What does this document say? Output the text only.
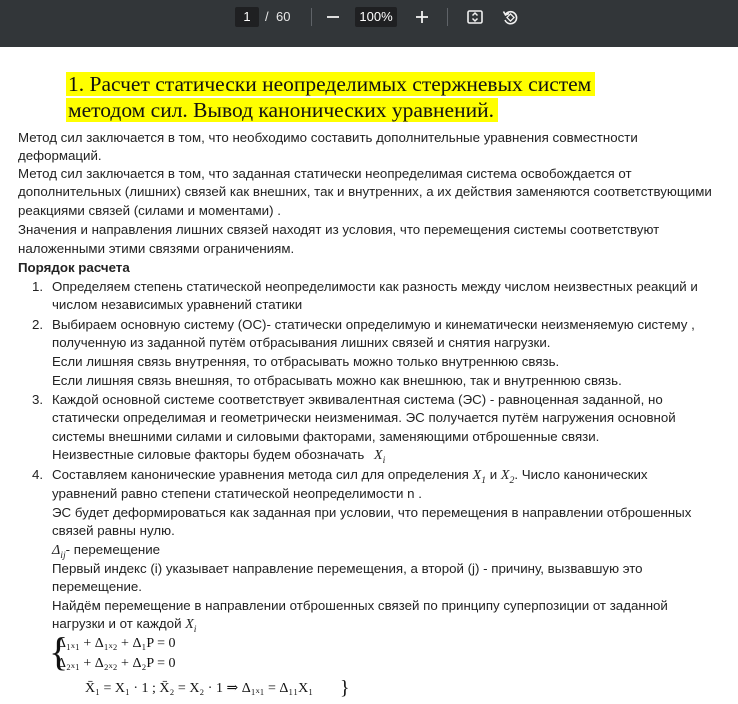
1	/ 60	100%
1. Расчет статически неопределимых стержневых систем
методом сил. Вывод канонических уравнений.
Метод сил заключается в том, что необходимо составить дополнительные уравнения совместности
деформаций.
Метод сил заключается в том, что заданная статически неопределимая система освобождается от
дополнительных (лишних) связей как внешних, так и внутренних, а их действия заменяются соответствующими
реакциями связей (силами и моментами) .
Значения и направления лишних связей находят из условия, что перемещения системы соответствуют
наложенными этими связями ограничениям.
Порядок расчета
1. Определяем степень статической неопределимости как разность между числом неизвестных реакций и
числом независимых уравнений статики
2. Выбираем основную систему (ОС)- статически определимую и кинематически неизменяемую систему ,
полученную из заданной путём отбрасывания лишних связей и снятия нагрузки.
Если лишняя связь внутренняя, то отбрасывать можно только внутреннюю связь.
Если лишняя связь внешняя, то отбрасывать можно как внешнюю, так и внутреннюю связь.
3. Каждой основной системе соответствует эквивалентная система (ЭС) - равноценная заданной, но
статически определимая и геометрически неизменимая. ЭС получается путём нагружения основной
системы внешними силами и силовыми факторами, заменяющими отброшенные связи.
Неизвестные силовые факторы будем обозначать $X_i$
4. Составляем канонические уравнения метода сил для определения $X_1$ и $X_2$. Число канонических
уравнений равно степени статической неопределимости n .
ЭС будет деформироваться как заданная при условии, что перемещения в направлении отброшенных
связей равны нулю.
$\Delta_{ij}-$ перемещение
Первый индекс (i) указывает направление перемещения, а второй (j) - причину, вызвавшую это
перемещение.
Найдём перемещение в направлении отброшенных связей по принципу суперпозиции от заданной
нагрузки и от каждой $X_i$
{
Δ₁ₓ₁ + Δ₁ₓ₂ + Δ₁P = 0
Δ₂ₓ₁ + Δ₂ₓ₂ + Δ₂P = 0
X̄₁ = X₁ · 1 ; X̄₂ = X₂ · 1 ⇒ Δ₁ₓ₁ = Δ₁₁X₁ }
